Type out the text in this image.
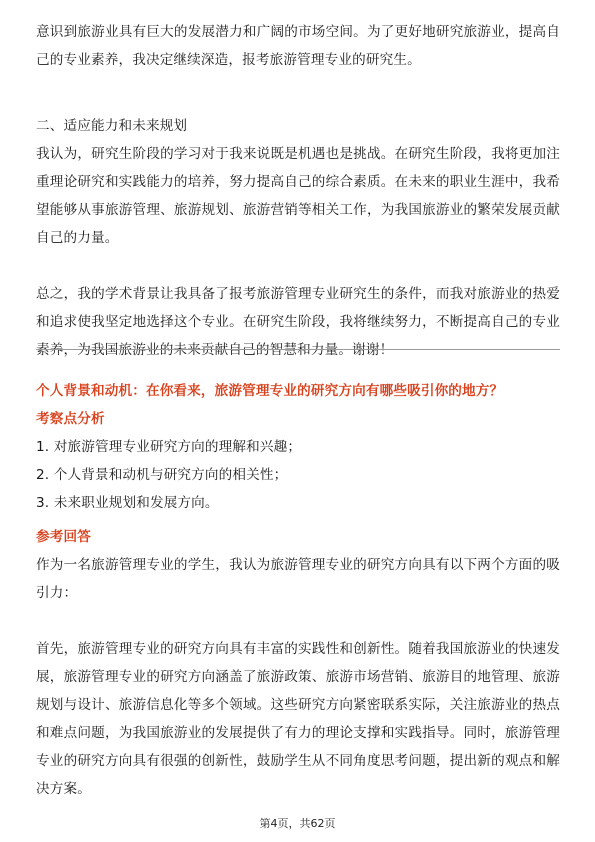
意识到旅游业具有巨大的发展潜力和广阔的市场空间。为了更好地研究旅游业，提高自己的专业素养，我决定继续深造，报考旅游管理专业的研究生。

二、适应能力和未来规划

我认为，研究生阶段的学习对于我来说既是机遇也是挑战。在研究生阶段，我将更加注重理论研究和实践能力的培养，努力提高自己的综合素质。在未来的职业生涯中，我希望能够从事旅游管理、旅游规划、旅游营销等相关工作，为我国旅游业的繁荣发展贡献自己的力量。

总之，我的学术背景让我具备了报考旅游管理专业研究生的条件，而我对旅游业的热爱和追求使我坚定地选择这个专业。在研究生阶段，我将继续努力，不断提高自己的专业素养，为我国旅游业的未来贡献自己的智慧和力量。谢谢！

个人背景和动机：在你看来，旅游管理专业的研究方向有哪些吸引你的地方？

考察点分析

1. 对旅游管理专业研究方向的理解和兴趣；

2. 个人背景和动机与研究方向的相关性；

3. 未来职业规划和发展方向。

参考回答

作为一名旅游管理专业的学生，我认为旅游管理专业的研究方向具有以下两个方面的吸引力：

首先，旅游管理专业的研究方向具有丰富的实践性和创新性。随着我国旅游业的快速发展，旅游管理专业的研究方向涵盖了旅游政策、旅游市场营销、旅游目的地管理、旅游规划与设计、旅游信息化等多个领域。这些研究方向紧密联系实际，关注旅游业的热点和难点问题，为我国旅游业的发展提供了有力的理论支撑和实践指导。同时，旅游管理专业的研究方向具有很强的创新性，鼓励学生从不同角度思考问题，提出新的观点和解决方案。

第4页，共62页
